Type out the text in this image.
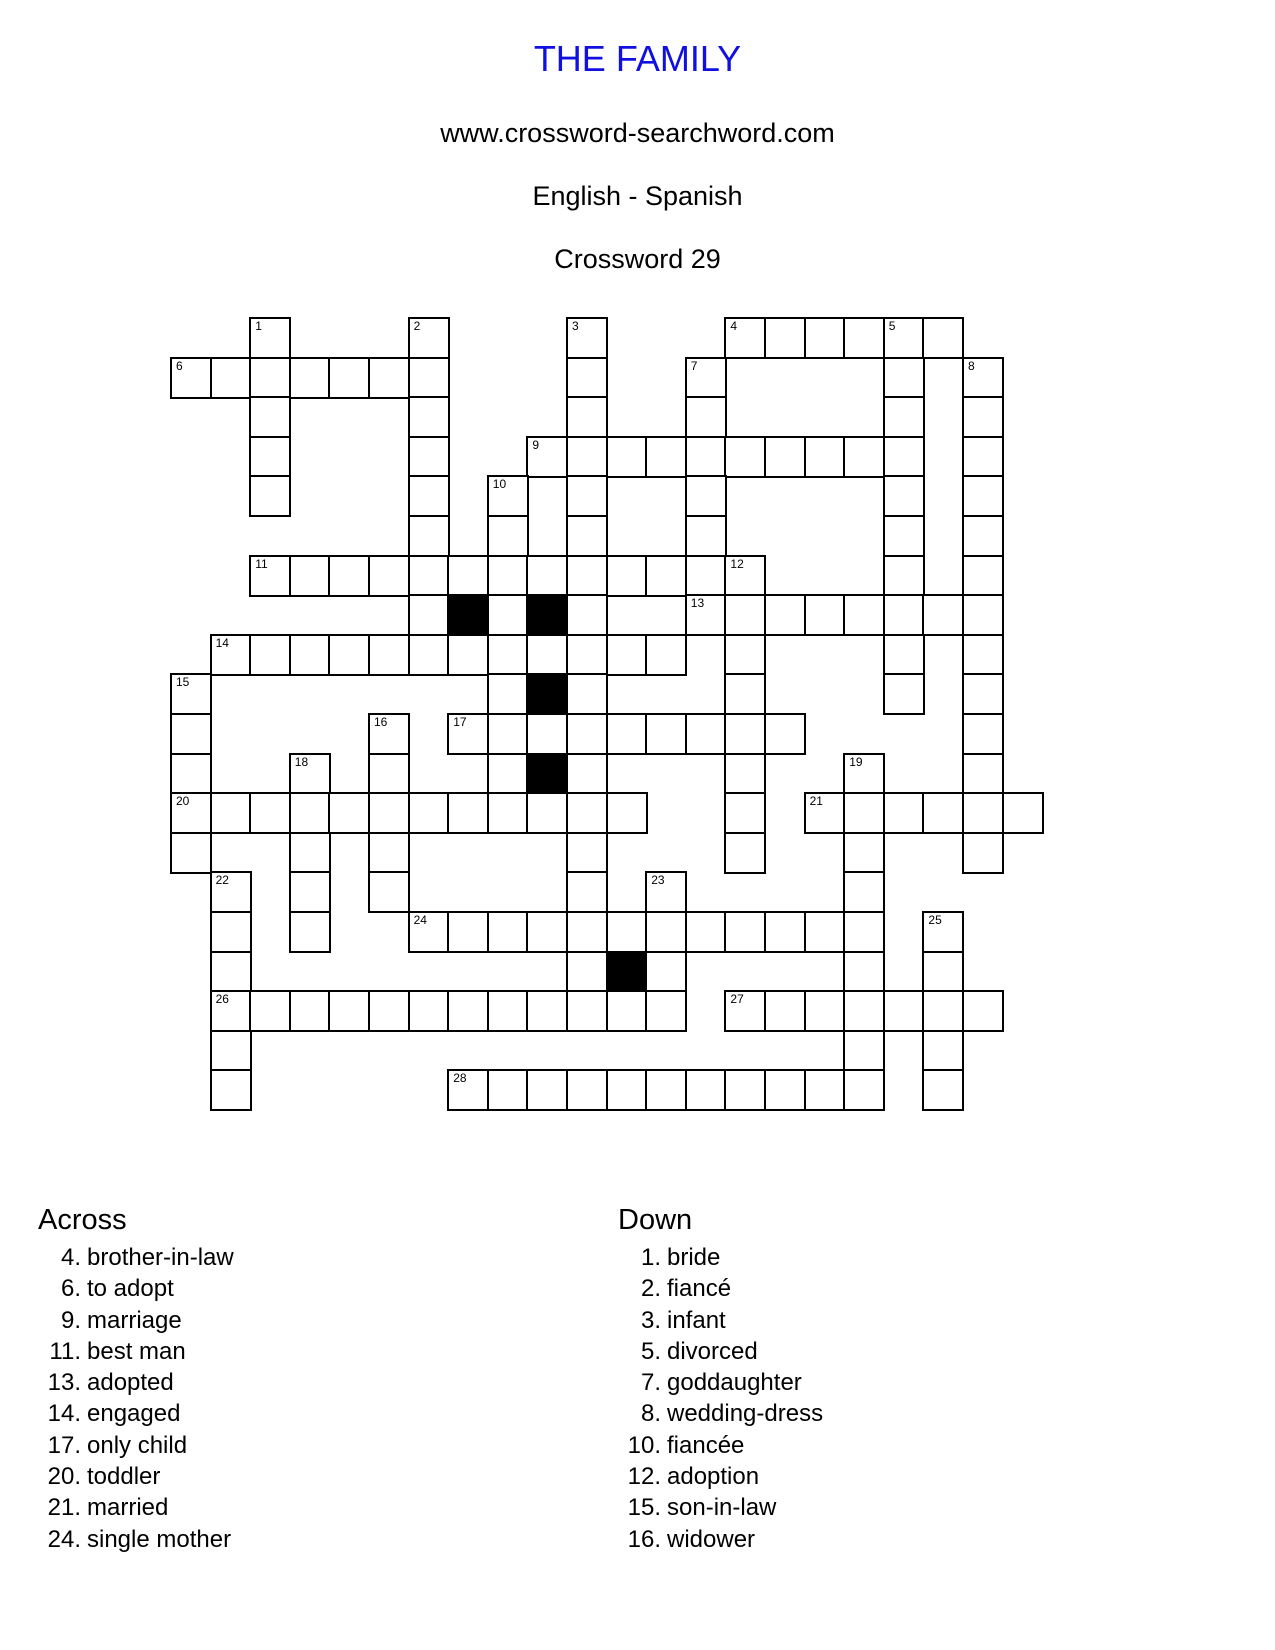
THE FAMILY
www.crossword-searchword.com
English - Spanish
Crossword 29
1	2	3	4	5
6	7	8
9
10
11	12
13
14
15
16	17
18	19
20	21
22	23
24	25
26	27
28
Across
4. brother-in-law
6. to adopt
9. marriage
11. best man
13. adopted
14. engaged
17. only child
20. toddler
21. married
24. single mother
Down
1. bride
2. fiancé
3. infant
5. divorced
7. goddaughter
8. wedding-dress
10. fiancée
12. adoption
15. son-in-law
16. widower
